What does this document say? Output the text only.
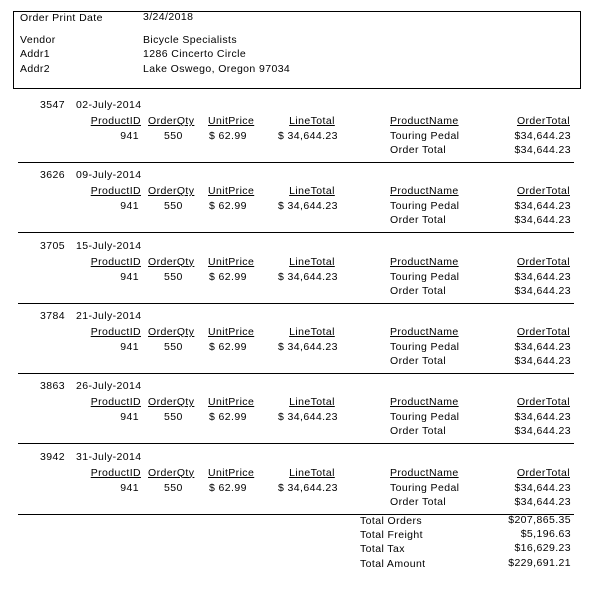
Order Print Date	3/24/2018
Vendor	Bicycle Specialists
Addr1	1286 Cincerto Circle
Addr2	Lake Oswego, Oregon 97034
3547 02-July-2014
ProductID OrderQty UnitPrice	LineTotal	ProductName	OrderTotal
941 550	$ 62.99	$ 34,644.23	Touring Pedal	$34,644.23
Order Total	$34,644.23
3626 09-July-2014
ProductID OrderQty UnitPrice	LineTotal	ProductName	OrderTotal
941 550	$ 62.99	$ 34,644.23	Touring Pedal	$34,644.23
Order Total	$34,644.23
3705 15-July-2014
ProductID OrderQty UnitPrice	LineTotal	ProductName	OrderTotal
941 550	$ 62.99	$ 34,644.23	Touring Pedal	$34,644.23
Order Total	$34,644.23
3784 21-July-2014
ProductID OrderQty UnitPrice	LineTotal	ProductName	OrderTotal
941 550	$ 62.99	$ 34,644.23	Touring Pedal	$34,644.23
Order Total	$34,644.23
3863 26-July-2014
ProductID OrderQty UnitPrice	LineTotal	ProductName	OrderTotal
941 550	$ 62.99	$ 34,644.23	Touring Pedal	$34,644.23
Order Total	$34,644.23
3942 31-July-2014
ProductID OrderQty UnitPrice	LineTotal	ProductName	OrderTotal
941 550	$ 62.99	$ 34,644.23	Touring Pedal	$34,644.23
Order Total	$34,644.23
Total Orders	$207,865.35
Total Freight	$5,196.63
Total Tax	$16,629.23
Total Amount	$229,691.21
